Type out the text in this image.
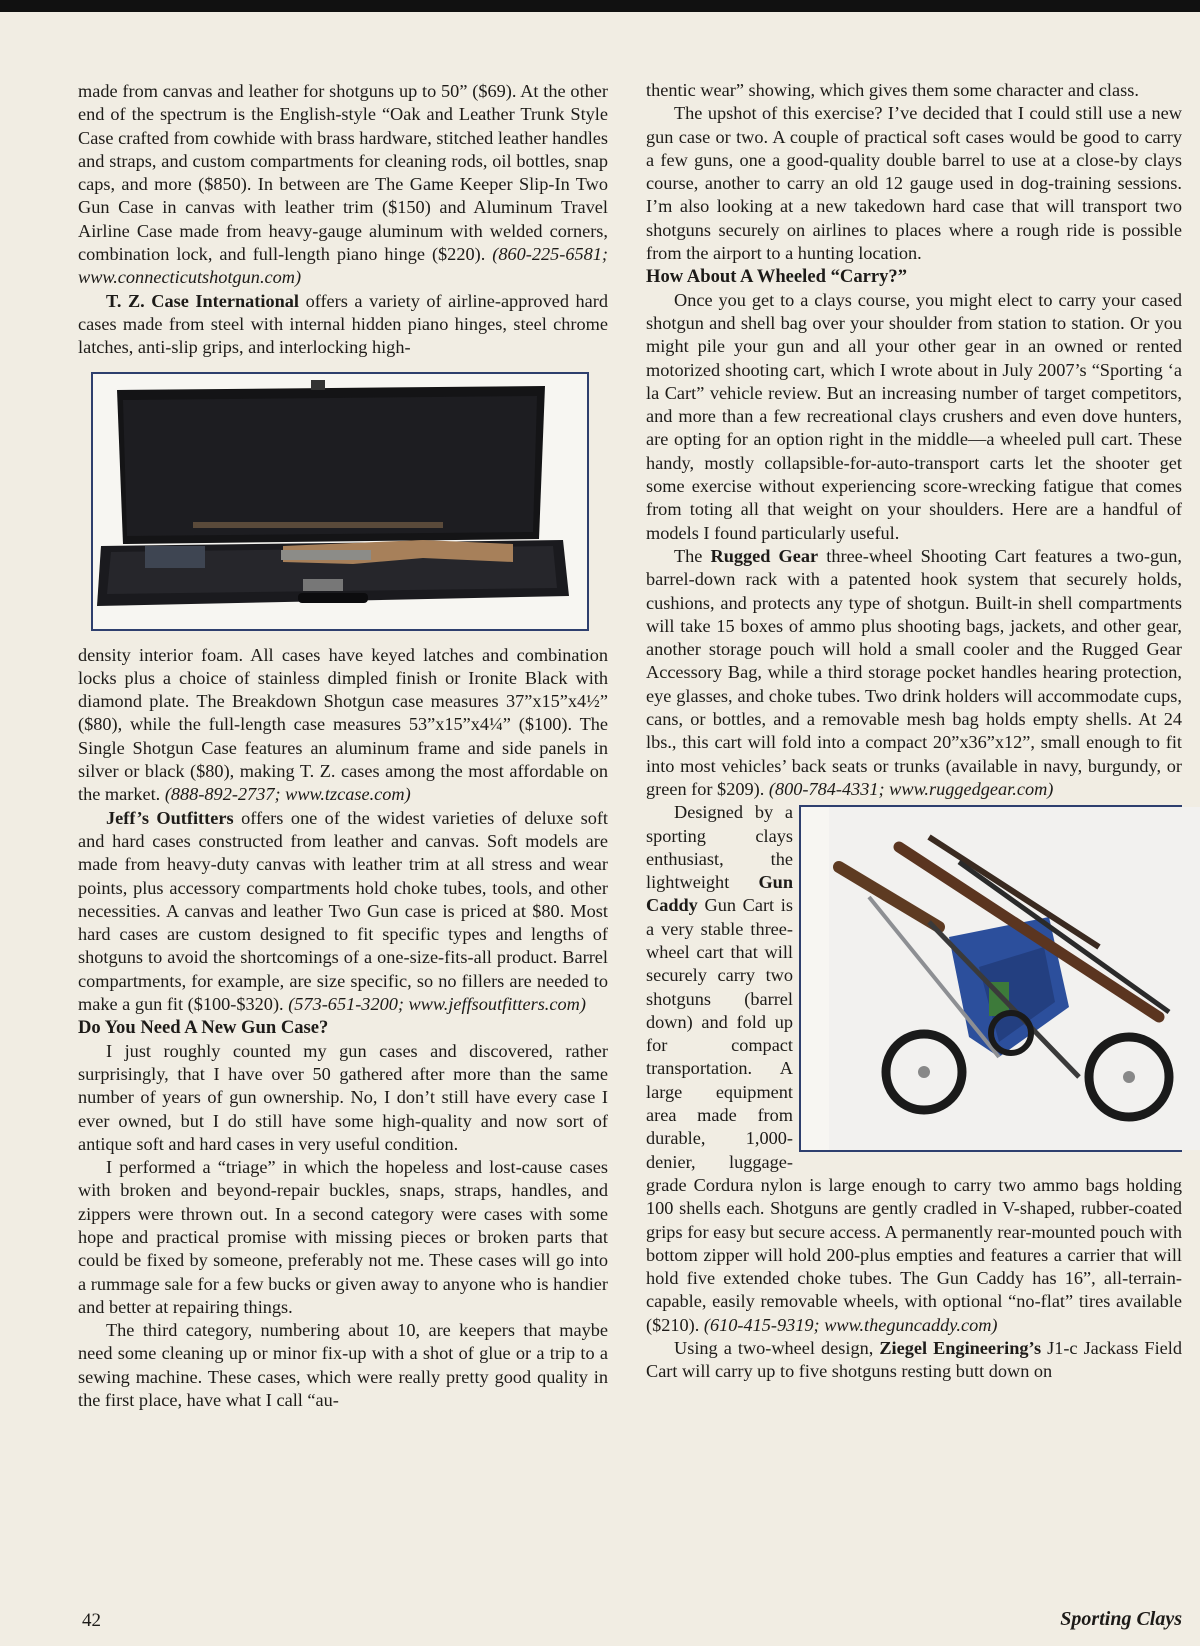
made from canvas and leather for shotguns up to 50” ($69). At the other end of the spectrum is the English-style “Oak and Leather Trunk Style Case crafted from cowhide with brass hardware, stitched leather handles and straps, and custom compartments for cleaning rods, oil bottles, snap caps, and more ($850). In between are The Game Keeper Slip-In Two Gun Case in canvas with leather trim ($150) and Aluminum Travel Airline Case made from heavy-gauge aluminum with welded corners, combination lock, and full-length piano hinge ($220). (860-225-6581; www.connecticutshotgun.com)

T. Z. Case International offers a variety of airline-approved hard cases made from steel with internal hidden piano hinges, steel chrome latches, anti-slip grips, and interlocking high-

density interior foam. All cases have keyed latches and combination locks plus a choice of stainless dimpled finish or Ironite Black with diamond plate. The Breakdown Shotgun case measures 37”x15”x4½” ($80), while the full-length case measures 53”x15”x4¼” ($100). The Single Shotgun Case features an aluminum frame and side panels in silver or black ($80), making T. Z. cases among the most affordable on the market. (888-892-2737; www.tzcase.com)

Jeff’s Outfitters offers one of the widest varieties of deluxe soft and hard cases constructed from leather and canvas. Soft models are made from heavy-duty canvas with leather trim at all stress and wear points, plus accessory compartments hold choke tubes, tools, and other necessities. A canvas and leather Two Gun case is priced at $80. Most hard cases are custom designed to fit specific types and lengths of shotguns to avoid the shortcomings of a one-size-fits-all product. Barrel compartments, for example, are size specific, so no fillers are needed to make a gun fit ($100-$320). (573-651-3200; www.jeffsoutfitters.com)

Do You Need A New Gun Case?

I just roughly counted my gun cases and discovered, rather surprisingly, that I have over 50 gathered after more than the same number of years of gun ownership. No, I don’t still have every case I ever owned, but I do still have some high-quality and now sort of antique soft and hard cases in very useful condition.

I performed a “triage” in which the hopeless and lost-cause cases with broken and beyond-repair buckles, snaps, straps, handles, and zippers were thrown out. In a second category were cases with some hope and practical promise with missing pieces or broken parts that could be fixed by someone, preferably not me. These cases will go into a rummage sale for a few bucks or given away to anyone who is handier and better at repairing things.

The third category, numbering about 10, are keepers that maybe need some cleaning up or minor fix-up with a shot of glue or a trip to a sewing machine. These cases, which were really pretty good quality in the first place, have what I call “au-

thentic wear” showing, which gives them some character and class.

The upshot of this exercise? I’ve decided that I could still use a new gun case or two. A couple of practical soft cases would be good to carry a few guns, one a good-quality double barrel to use at a close-by clays course, another to carry an old 12 gauge used in dog-training sessions. I’m also looking at a new takedown hard case that will transport two shotguns securely on airlines to places where a rough ride is possible from the airport to a hunting location.

How About A Wheeled “Carry?”

Once you get to a clays course, you might elect to carry your cased shotgun and shell bag over your shoulder from station to station. Or you might pile your gun and all your other gear in an owned or rented motorized shooting cart, which I wrote about in July 2007’s “Sporting ‘a la Cart” vehicle review. But an increasing number of target competitors, and more than a few recreational clays crushers and even dove hunters, are opting for an option right in the middle—a wheeled pull cart. These handy, mostly collapsible-for-auto-transport carts let the shooter get some exercise without experiencing score-wrecking fatigue that comes from toting all that weight on your shoulders. Here are a handful of models I found particularly useful.

The Rugged Gear three-wheel Shooting Cart features a two-gun, barrel-down rack with a patented hook system that securely holds, cushions, and protects any type of shotgun. Built-in shell compartments will take 15 boxes of ammo plus shooting bags, jackets, and other gear, another storage pouch will hold a small cooler and the Rugged Gear Accessory Bag, while a third storage pocket handles hearing protection, eye glasses, and choke tubes. Two drink holders will accommodate cups, cans, or bottles, and a removable mesh bag holds empty shells. At 24 lbs., this cart will fold into a compact 20”x36”x12”, small enough to fit into most vehicles’ back seats or trunks (available in navy, burgundy, or green for $209). (800-784-4331; www.ruggedgear.com)

Designed by a sporting clays enthusiast, the lightweight Gun Caddy Gun Cart is a very stable three-wheel cart that will securely carry two shotguns (barrel down) and fold up for compact transportation. A large equipment area made from durable, 1,000-denier, luggage-grade Cordura nylon is large enough to carry two ammo bags holding 100 shells each. Shotguns are gently cradled in V-shaped, rubber-coated grips for easy but secure access. A permanently rear-mounted pouch with bottom zipper will hold 200-plus empties and features a carrier that will hold five extended choke tubes. The Gun Caddy has 16”, all-terrain-capable, easily removable wheels, with optional “no-flat” tires available ($210). (610-415-9319; www.theguncaddy.com)

Using a two-wheel design, Ziegel Engineering’s J1-c Jackass Field Cart will carry up to five shotguns resting butt down on

42	Sporting Clays
